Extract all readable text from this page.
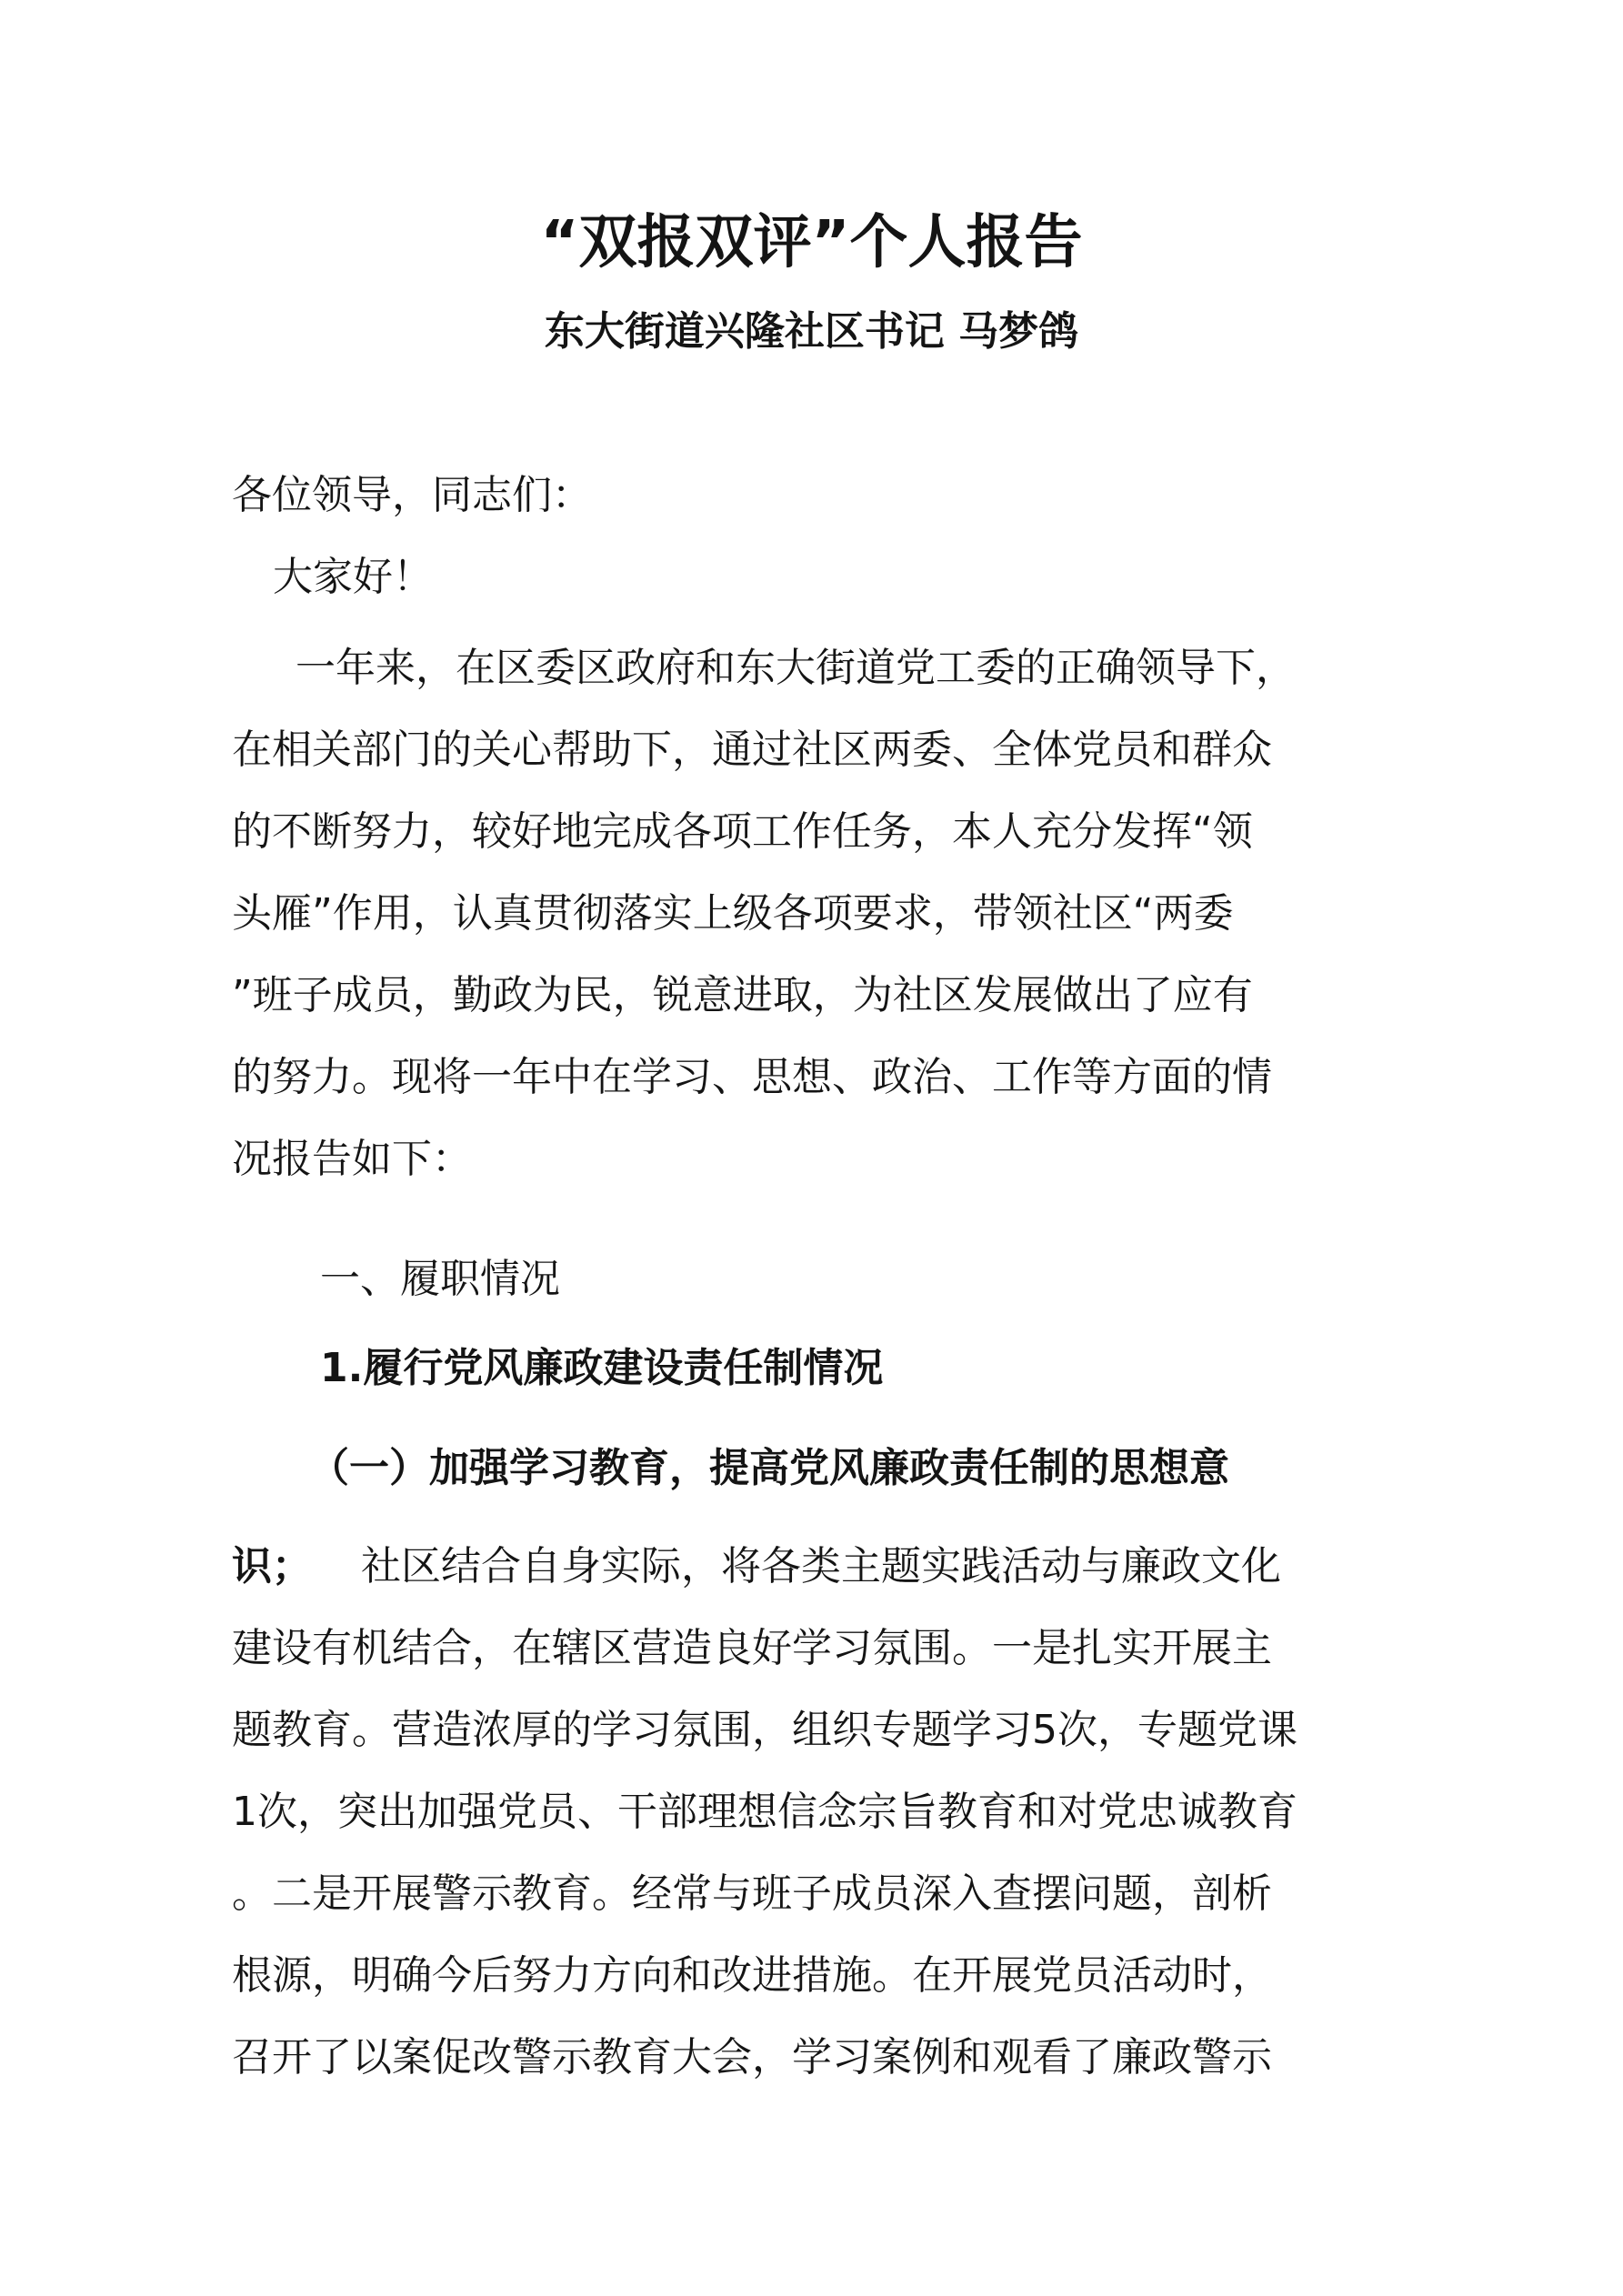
“双报双评”个人报告
东大街道兴隆社区书记 马梦鸽
各位领导，同志们：
大家好！
一年来，在区委区政府和东大街道党工委的正确领导下，
在相关部门的关心帮助下，通过社区两委、全体党员和群众
的不断努力，较好地完成各项工作任务，本人充分发挥“领
头雁”作用，认真贯彻落实上级各项要求，带领社区“两委
”班子成员，勤政为民，锐意进取，为社区发展做出了应有
的努力。现将一年中在学习、思想、政治、工作等方面的情
况报告如下：
一、履职情况
1.履行党风廉政建设责任制情况
（一）加强学习教育，提高党风廉政责任制的思想意
识； 社区结合自身实际，将各类主题实践活动与廉政文化
建设有机结合，在辖区营造良好学习氛围。一是扎实开展主
题教育。营造浓厚的学习氛围，组织专题学习5次，专题党课
1次，突出加强党员、干部理想信念宗旨教育和对党忠诚教育
。二是开展警示教育。经常与班子成员深入查摆问题，剖析
根源，明确今后努力方向和改进措施。在开展党员活动时，
召开了以案促改警示教育大会，学习案例和观看了廉政警示
